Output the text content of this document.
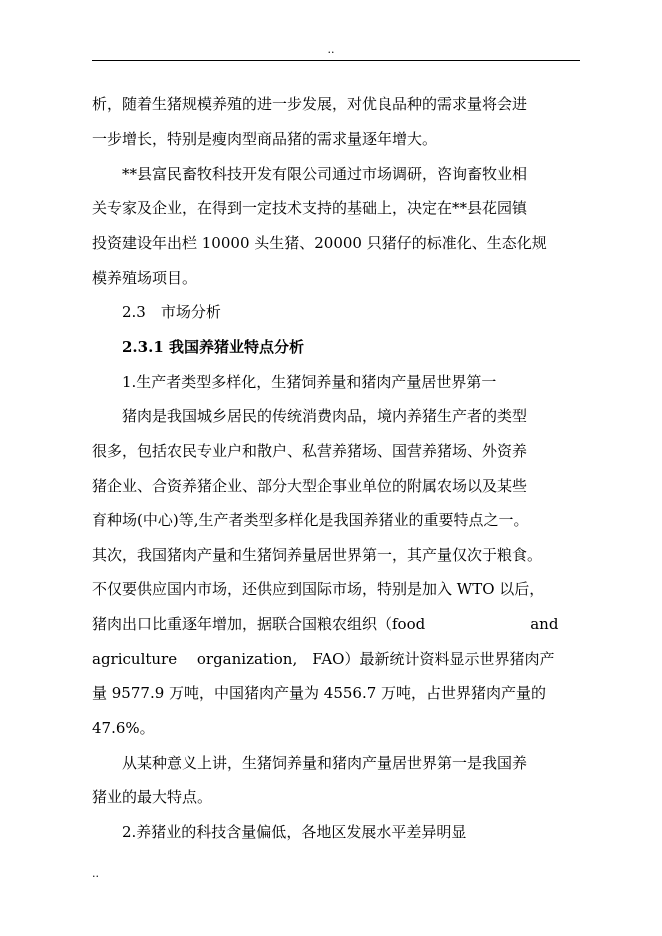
..
析，随着生猪规模养殖的进一步发展，对优良品种的需求量将会进
一步增长，特别是瘦肉型商品猪的需求量逐年增大。
**县富民畜牧科技开发有限公司通过市场调研，咨询畜牧业相
关专家及企业，在得到一定技术支持的基础上，决定在**县花园镇
投资建设年出栏 10000 头生猪、20000 只猪仔的标准化、生态化规
模养殖场项目。
2.3　市场分析
2.3.1 我国养猪业特点分析
1.生产者类型多样化，生猪饲养量和猪肉产量居世界第一
猪肉是我国城乡居民的传统消费肉品，境内养猪生产者的类型
很多，包括农民专业户和散户、私营养猪场、国营养猪场、外资养
猪企业、合资养猪企业、部分大型企事业单位的附属农场以及某些
育种场(中心)等,生产者类型多样化是我国养猪业的重要特点之一。
其次，我国猪肉产量和生猪饲养量居世界第一，其产量仅次于粮食。
不仅要供应国内市场，还供应到国际市场，特别是加入 WTO 以后，
猪肉出口比重逐年增加，据联合国粮农组织（food　　　　　　　and
agriculture　 organization,　FAO）最新统计资料显示世界猪肉产
量 9577.9 万吨，中国猪肉产量为 4556.7 万吨，占世界猪肉产量的
47.6%。
从某种意义上讲，生猪饲养量和猪肉产量居世界第一是我国养
猪业的最大特点。
2.养猪业的科技含量偏低，各地区发展水平差异明显
..
